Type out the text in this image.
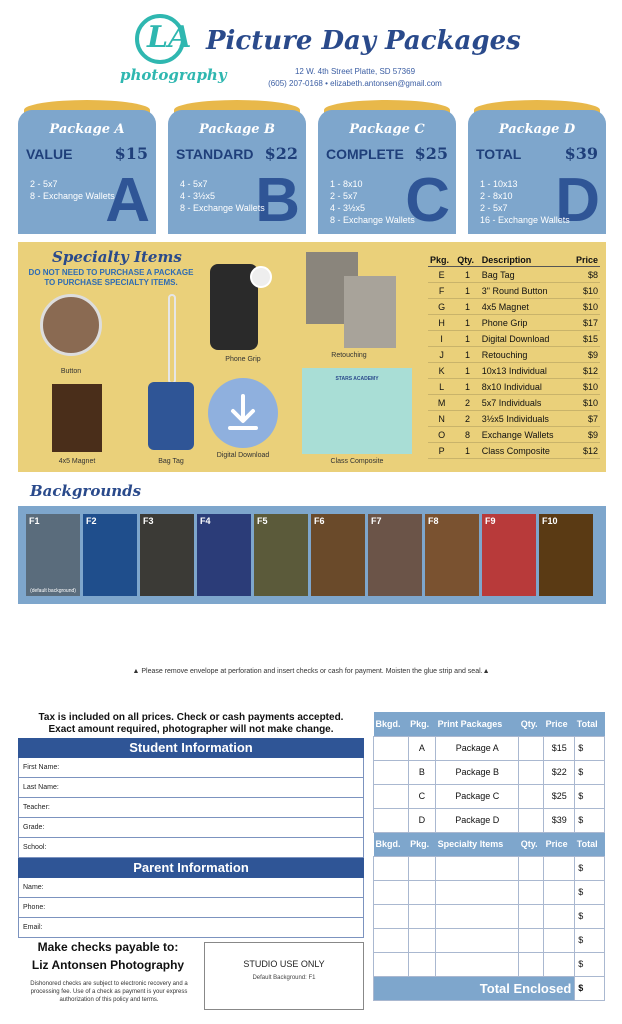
LA
photography
Picture Day Packages
12 W. 4th Street Platte, SD 57369
(605) 207-0168 • elizabeth.antonsen@gmail.com
Package A
VALUE	$15
A
2 - 5x7
8 - Exchange Wallets
Package B
STANDARD $22
B
4 - 5x7
4 - 3½x5
8 - Exchange Wallets
Package C
COMPLETE $25
C
1 - 8x10
2 - 5x7
4 - 3½x5
8 - Exchange Wallets
Package D
TOTAL	$39
D
1 - 10x13
2 - 8x10
2 - 5x7
16 - Exchange Wallets
Specialty Items
DO NOT NEED TO PURCHASE A PACKAGE TO PURCHASE SPECIALTY ITEMS.
Button
4x5 Magnet	Bag Tag
Phone Grip
Digital Download
Retouching
STARS ACADEMY
Class Composite
Pkg.	Qty.	Description	Price
E	1	Bag Tag	$8
F	1	3" Round Button	$10
G	1	4x5 Magnet	$10
H	1	Phone Grip	$17
I	1	Digital Download	$15
J	1	Retouching	$9
K	1	10x13 Individual	$12
L	1	8x10 Individual	$10
M	2	5x7 Individuals	$10
N	2	3½x5 Individuals	$7
O	8	Exchange Wallets	$9
P	1	Class Composite	$12
Backgrounds
F1
(default background)
F2	F3	F4	F5	F6	F7	F8	F9	F10
▲ Please remove envelope at perforation and insert checks or cash for payment. Moisten the glue strip and seal.▲
Tax is included on all prices. Check or cash payments accepted.
Exact amount required, photographer will not make change.
Student Information
First Name:
Last Name:
Teacher:
Grade:
School:
Parent Information
Name:
Phone:
Email:
Make checks payable to:
Liz Antonsen Photography
Dishonored checks are subject to electronic recovery and a processing fee. Use of a check as payment is your express authorization of this policy and terms.
STUDIO USE ONLY
Default Background: F1
Bkgd.	Pkg.	Print Packages	Qty.	Price	Total
	A	Package A		$15	$
	B	Package B		$22	$
	C	Package C		$25	$
	D	Package D		$39	$
Bkgd.	Pkg.	Specialty Items	Qty.	Price	Total
					$
					$
					$
					$
					$
Total Enclosed					$
